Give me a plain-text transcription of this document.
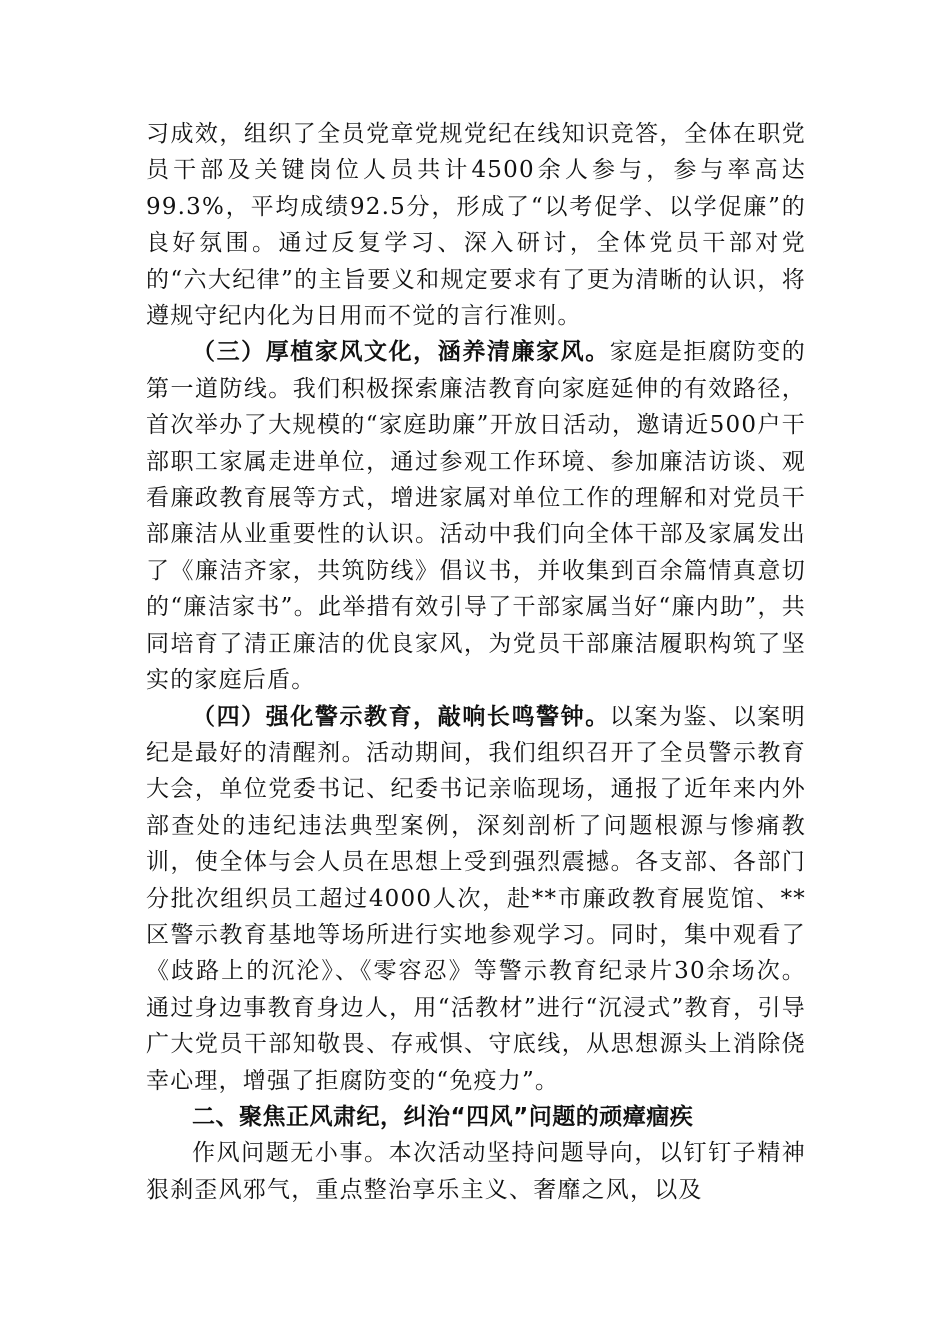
习成效，组织了全员党章党规党纪在线知识竞答，全体在职党员干部及关键岗位人员共计4500余人参与，参与率高达99.3%，平均成绩92.5分，形成了“以考促学、以学促廉”的良好氛围。通过反复学习、深入研讨，全体党员干部对党的“六大纪律”的主旨要义和规定要求有了更为清晰的认识，将遵规守纪内化为日用而不觉的言行准则。

（三）厚植家风文化，涵养清廉家风。家庭是拒腐防变的第一道防线。我们积极探索廉洁教育向家庭延伸的有效路径，首次举办了大规模的“家庭助廉”开放日活动，邀请近500户干部职工家属走进单位，通过参观工作环境、参加廉洁访谈、观看廉政教育展等方式，增进家属对单位工作的理解和对党员干部廉洁从业重要性的认识。活动中我们向全体干部及家属发出了《廉洁齐家，共筑防线》倡议书，并收集到百余篇情真意切的“廉洁家书”。此举措有效引导了干部家属当好“廉内助”，共同培育了清正廉洁的优良家风，为党员干部廉洁履职构筑了坚实的家庭后盾。

（四）强化警示教育，敲响长鸣警钟。以案为鉴、以案明纪是最好的清醒剂。活动期间，我们组织召开了全员警示教育大会，单位党委书记、纪委书记亲临现场，通报了近年来内外部查处的违纪违法典型案例，深刻剖析了问题根源与惨痛教训，使全体与会人员在思想上受到强烈震撼。各支部、各部门分批次组织员工超过4000人次，赴**市廉政教育展览馆、**区警示教育基地等场所进行实地参观学习。同时，集中观看了《歧路上的沉沦》、《零容忍》等警示教育纪录片30余场次。通过身边事教育身边人，用“活教材”进行“沉浸式”教育，引导广大党员干部知敬畏、存戒惧、守底线，从思想源头上消除侥幸心理，增强了拒腐防变的“免疫力”。

二、聚焦正风肃纪，纠治“四风”问题的顽瘴痼疾

作风问题无小事。本次活动坚持问题导向，以钉钉子精神狠刹歪风邪气，重点整治享乐主义、奢靡之风，以及
